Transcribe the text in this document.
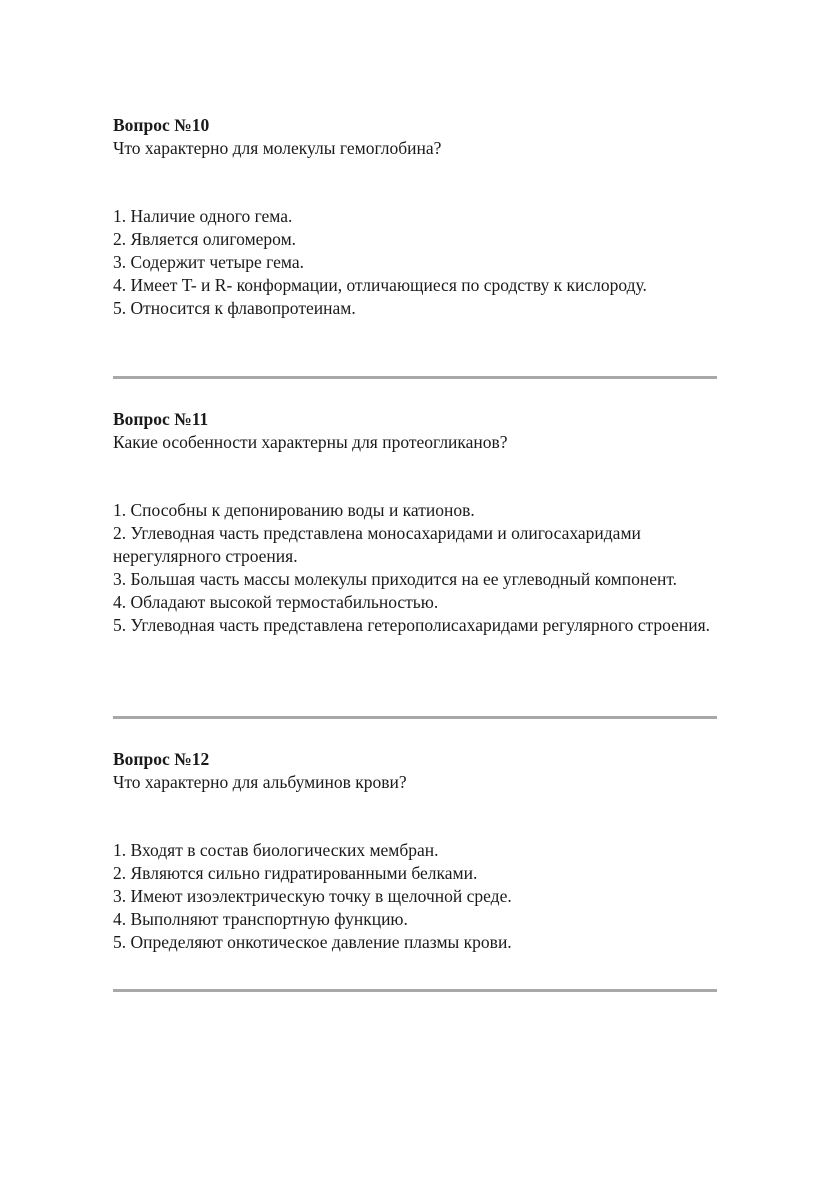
Вопрос №10

Что характерно для молекулы гемоглобина?

1. Наличие одного гема.
2. Является олигомером.
3. Содержит четыре гема.
4. Имеет T- и R- конформации, отличающиеся по сродству к кислороду.
5. Относится к флавопротеинам.

Вопрос №11

Какие особенности характерны для протеогликанов?

1. Способны к депонированию воды и катионов.
2. Углеводная часть представлена моносахаридами и олигосахаридами нерегулярного строения.
3. Большая часть массы молекулы приходится на ее углеводный компонент.
4. Обладают высокой термостабильностью.
5. Углеводная часть представлена гетерополисахаридами регулярного строения.

Вопрос №12

Что характерно для альбуминов крови?

1. Входят в состав биологических мембран.
2. Являются сильно гидратированными белками.
3. Имеют изоэлектрическую точку в щелочной среде.
4. Выполняют транспортную функцию.
5. Определяют онкотическое давление плазмы крови.
